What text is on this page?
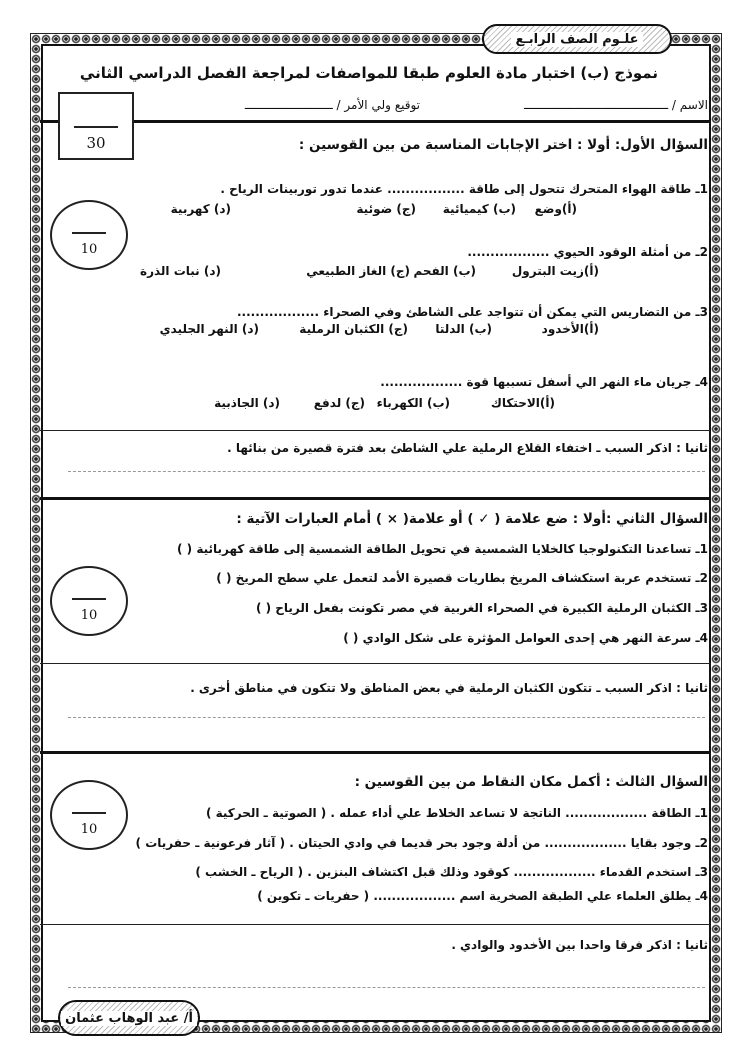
علـوم الصف الرابـع
نموذج (ب) اختبار مادة العلوم طبقا للمواصفات لمراجعة الفصل الدراسي الثاني
الاسم / ـــــــــــــــــــــــــــــــــــــــــ
توقيع ولي الأمر / ـــــــــــــــــــــــــ
30	السؤال الأول: أولا : اختر الإجابات المناسبة من بين القوسين :
10
1ـ طاقة الهواء المتحرك تتحول إلى طاقة ................. عندما تدور توربينات الرياح .
(أ)وضع
(ب) كيميائية
(ج) ضوئية
(د) كهربية
2ـ من أمثلة الوقود الحيوي ..................
(أ)زيت البترول
(ب) الفحم
(ج) الغاز الطبيعي
(د) نبات الذرة
3ـ من التضاريس التي يمكن أن تتواجد على الشاطئ وفي الصحراء ..................
(أ)الأخدود
(ب) الدلتا
(ج) الكثبان الرملية
(د) النهر الجليدي
4ـ جريان ماء النهر الي أسفل تسببها قوة ..................
(أ)الاحتكاك
(ب) الكهرباء
(ج) لدفع
(د) الجاذبية
ثانيا : اذكر السبب ـ اختفاء القلاع الرملية علي الشاطئ بعد فترة قصيرة من بنائها .
السؤال الثاني :أولا : ضع علامة ( ✓ ) أو علامة( × ) أمام العبارات الآتية :
10
1ـ تساعدنا التكنولوجيا كالخلايا الشمسية في تحويل الطاقة الشمسية إلى طاقة كهربائية ( )
2ـ تستخدم عربة استكشاف المريخ بطاريات قصيرة الأمد لتعمل علي سطح المريخ ( )
3ـ الكثبان الرملية الكبيرة في الصحراء الغربية في مصر تكونت بفعل الرياح ( )
4ـ سرعة النهر هي إحدى العوامل المؤثرة على شكل الوادي ( )
ثانيا : اذكر السبب ـ تتكون الكثبان الرملية في بعض المناطق ولا تتكون في مناطق أخرى .
السؤال الثالث : أكمل مكان النقاط من بين القوسين :
10
1ـ الطاقة .................. الناتجة لا تساعد الخلاط علي أداء عمله . ( الصوتية ـ الحركية )
2ـ وجود بقايا .................. من أدلة وجود بحر قديما في وادي الحيتان . ( آثار فرعونية ـ حفريات )
3ـ استخدم القدماء .................. كوقود وذلك قبل اكتشاف البنزين . ( الرياح ـ الخشب )
4ـ يطلق العلماء علي الطبقة الصخرية اسم .................. ( حفريات ـ تكوين )
ثانيا : اذكر فرقا واحدا بين الأخدود والوادي .
أ/ عبد الوهاب عثمان
